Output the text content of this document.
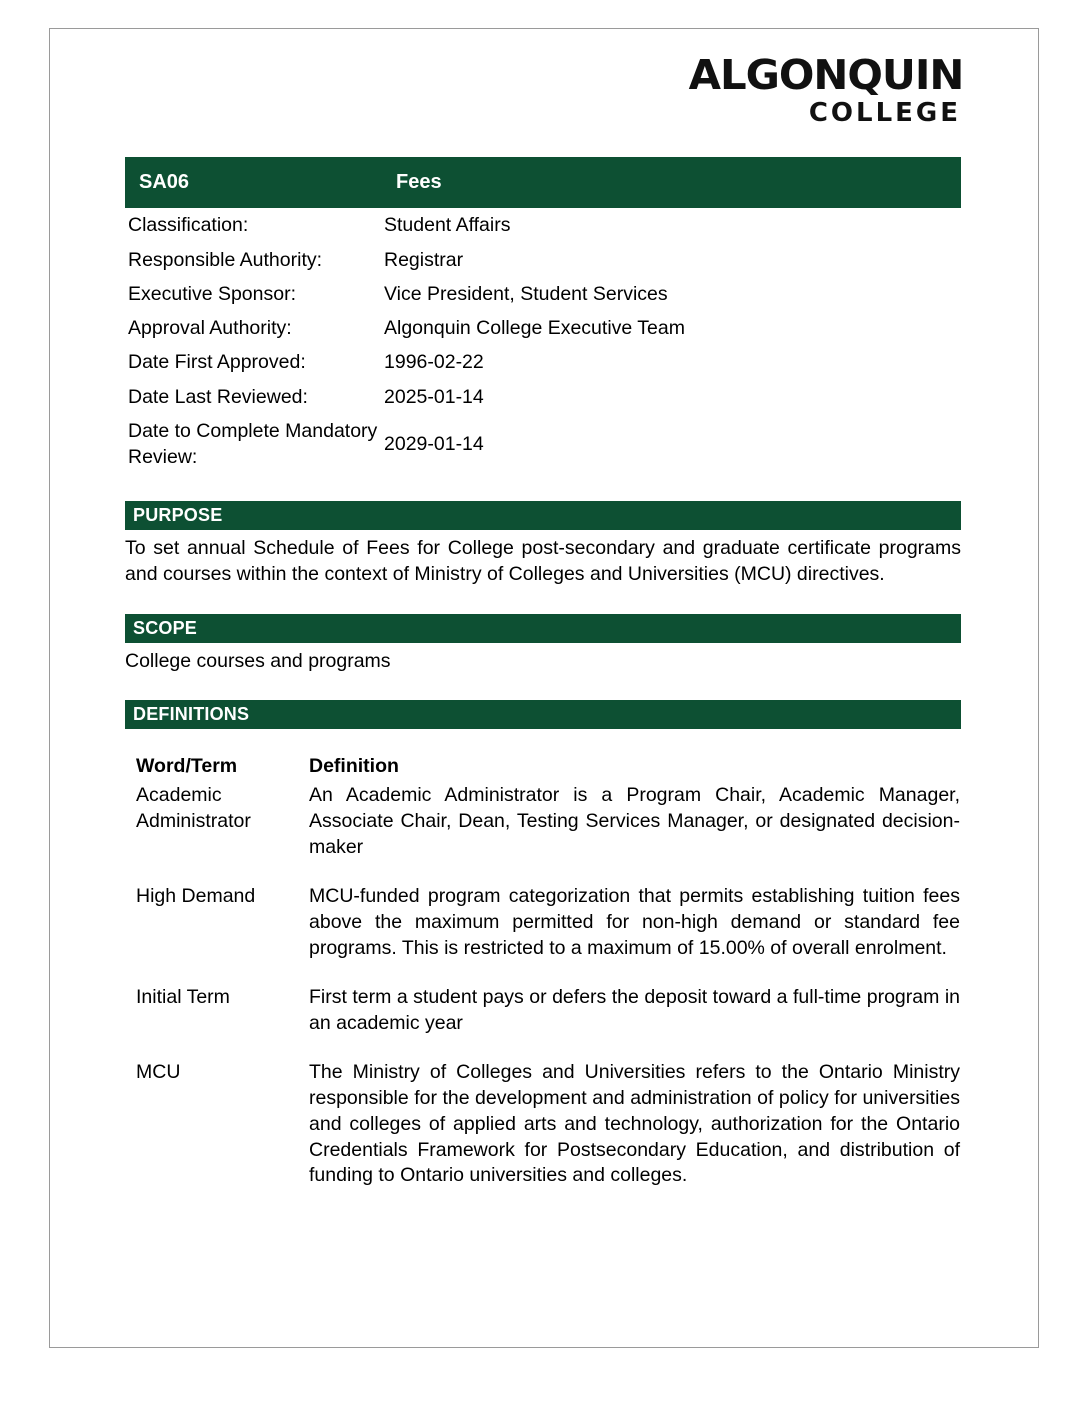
ALGONQUIN
COLLEGE
SA06	Fees
Classification:	Student Affairs
Responsible Authority:	Registrar
Executive Sponsor:	Vice President, Student Services
Approval Authority:	Algonquin College Executive Team
Date First Approved:	1996-02-22
Date Last Reviewed:	2025-01-14
Date to Complete Mandatory Review:	2029-01-14
PURPOSE
To set annual Schedule of Fees for College post-secondary and graduate certificate programs and courses within the context of Ministry of Colleges and Universities (MCU) directives.
SCOPE
College courses and programs
DEFINITIONS
Word/Term	Definition
Academic Administrator	An Academic Administrator is a Program Chair, Academic Manager, Associate Chair, Dean, Testing Services Manager, or designated decision-maker
High Demand	MCU-funded program categorization that permits establishing tuition fees above the maximum permitted for non-high demand or standard fee programs. This is restricted to a maximum of 15.00% of overall enrolment.
Initial Term	First term a student pays or defers the deposit toward a full-time program in an academic year
MCU	The Ministry of Colleges and Universities refers to the Ontario Ministry responsible for the development and administration of policy for universities and colleges of applied arts and technology, authorization for the Ontario Credentials Framework for Postsecondary Education, and distribution of funding to Ontario universities and colleges.
